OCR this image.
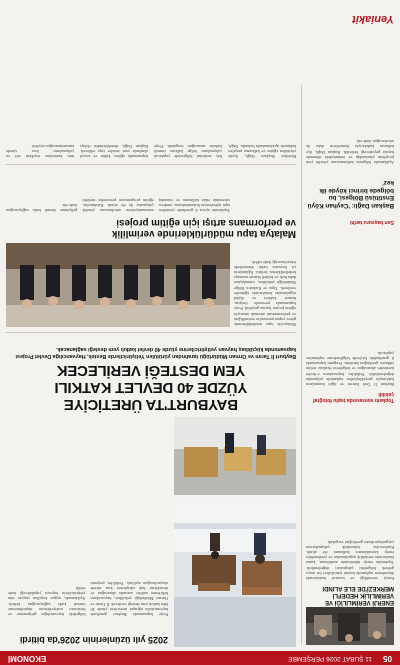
05
11 ŞUBAT 2026 PERŞEMBE
EKONOMİ
ENERJİ VERİMLİLİĞİ VE VERİMLİLİK HEDEFLİ MERKEZİ'DE ELE ALINDI
Enerji verimliliği ve tasarruf konularında düzenlenen toplantıda kurum temsilcileri bir araya gelerek bölgedeki çalışmaları değerlendirdi. Toplantıda enerji tüketiminin azaltılması, kamu binalarında verimlilik uygulamaları ve yenilenebilir enerji kaynaklarının kullanımı ele alındı. Katılımcılar, farkındalık çalışmalarının yaygınlaştırılması gerektiğini vurguladı.
2025 yılı üzünlerinin 2026'da bitirdi
Proje kapsamında Bayburt genelinde hayvancılıkla uğraşan üreticilere yüzde 40 hibe katkılı yem desteği verilecek. İl Tarım ve Orman Müdürlüğü yetkilileri, başvuruların belirlenen tarihler arasında alınacağını ve desteklerin hak sahiplerine kısa sürede ulaştırılacağını açıkladı. Yetkililer, projenin bölgedeki hayvancılığın gelişmesine ve üreticinin maliyetlerinin düşürülmesine önemli katkı sağlayacağını belirtti. Açıklamada, uygun koşulları taşıyan tüm yetiştiricilerin başvuru yapabileceği ifade edildi.
BAYBURT'TA ÜRETİCİYE
YÜZDE 40 DEVLET KATKILI
YEM DESTEĞİ VERİLECEK
Bayburt İl Tarım ve Orman Müdürlüğü tarafından yürütülen Yetiştiricilerde Bestek, Hayvancılığa Devlet Projesi kapsamında küçükbaş hayvan yetiştiricilerine yüzde 40 devlet katkılı yem desteği sağlanacak.
Toplantı sonrasında toplu fotoğraf çekildi
Bayburt İl Özel İdaresi ve ilgili kurumların katılımıyla gerçekleştirilen toplantıda çalışmalar değerlendirildi. Yetkililer, başvuruların e-devlet üzerinden alınacağını ve belgelerin eksiksiz teslim edilmesi gerektiğini hatırlattı. Program kapsamında il genelindeki köylerde bilgilendirme toplantıları yapılacak.
Son başvuru tarihi
Malatya'da tapu müdürlüklerinde görev yapan personelin verimliliğini ve performansını artırmak amacıyla eğitim projesi hayata geçirildi. Proje kapsamında personele iletişim, hizmet kalitesi ve dijital uygulamalar konularında eğitimler verilecek. Tapu ve Kadastro Bölge Müdürlüğü yetkilileri, vatandaşlara daha hızlı ve kaliteli hizmet sunmayı hedeflediklerini belirtti. Eğitimlerin yıl boyunca farklı dönemlerde tekrarlanacağı ifade edildi.
Malatya tapu müdürlüklerinde verimlilik
ve performans artışı için eğitim projesi
Toplantıda ayrıca il genelinde yürütülen tapu işlemlerinin hızlandırılması, randevu sisteminin etkin kullanımı ve vatandaş memnuniyetinin artırılmasına yönelik çalışmalar da ele alındı. Katılımcılar, eğitim programının personelin mesleki gelişimine önemli katkı sağlayacağını ifade etti.	Başkan Dağlı: 'Ceyhan Köyü Enstitüsü Bölgesi, bu bölgede birinci köyde ilk kez'
Belediye Başkanı Dağlı, ilçede yürütülen eğitim ve kalkınma projeleri hakkında açıklamalarda bulundu. Dağlı, köy enstitüsü bölgesinde yapılacak çalışmaların bölge halkına önemli katkılar sunacağını vurguladı. Proje kapsamında eğitim, kültür ve sosyal alanlarda yeni tesisler inşa edilecek. Başkan Dağlı, desteklerinden dolayı tüm kurumlara teşekkür etti ve çalışmaların kısa sürede tamamlanacağını söyledi.
Açıklamada bölgenin kalkınmasına yönelik yeni projelerin planlandığı ve önümüzdeki dönemde hayata geçirileceği belirtildi. Başkan Dağlı, ilçe halkının katkılarıyla hizmetlerin daha da artırılacağını ifade etti.
Yeniakit
